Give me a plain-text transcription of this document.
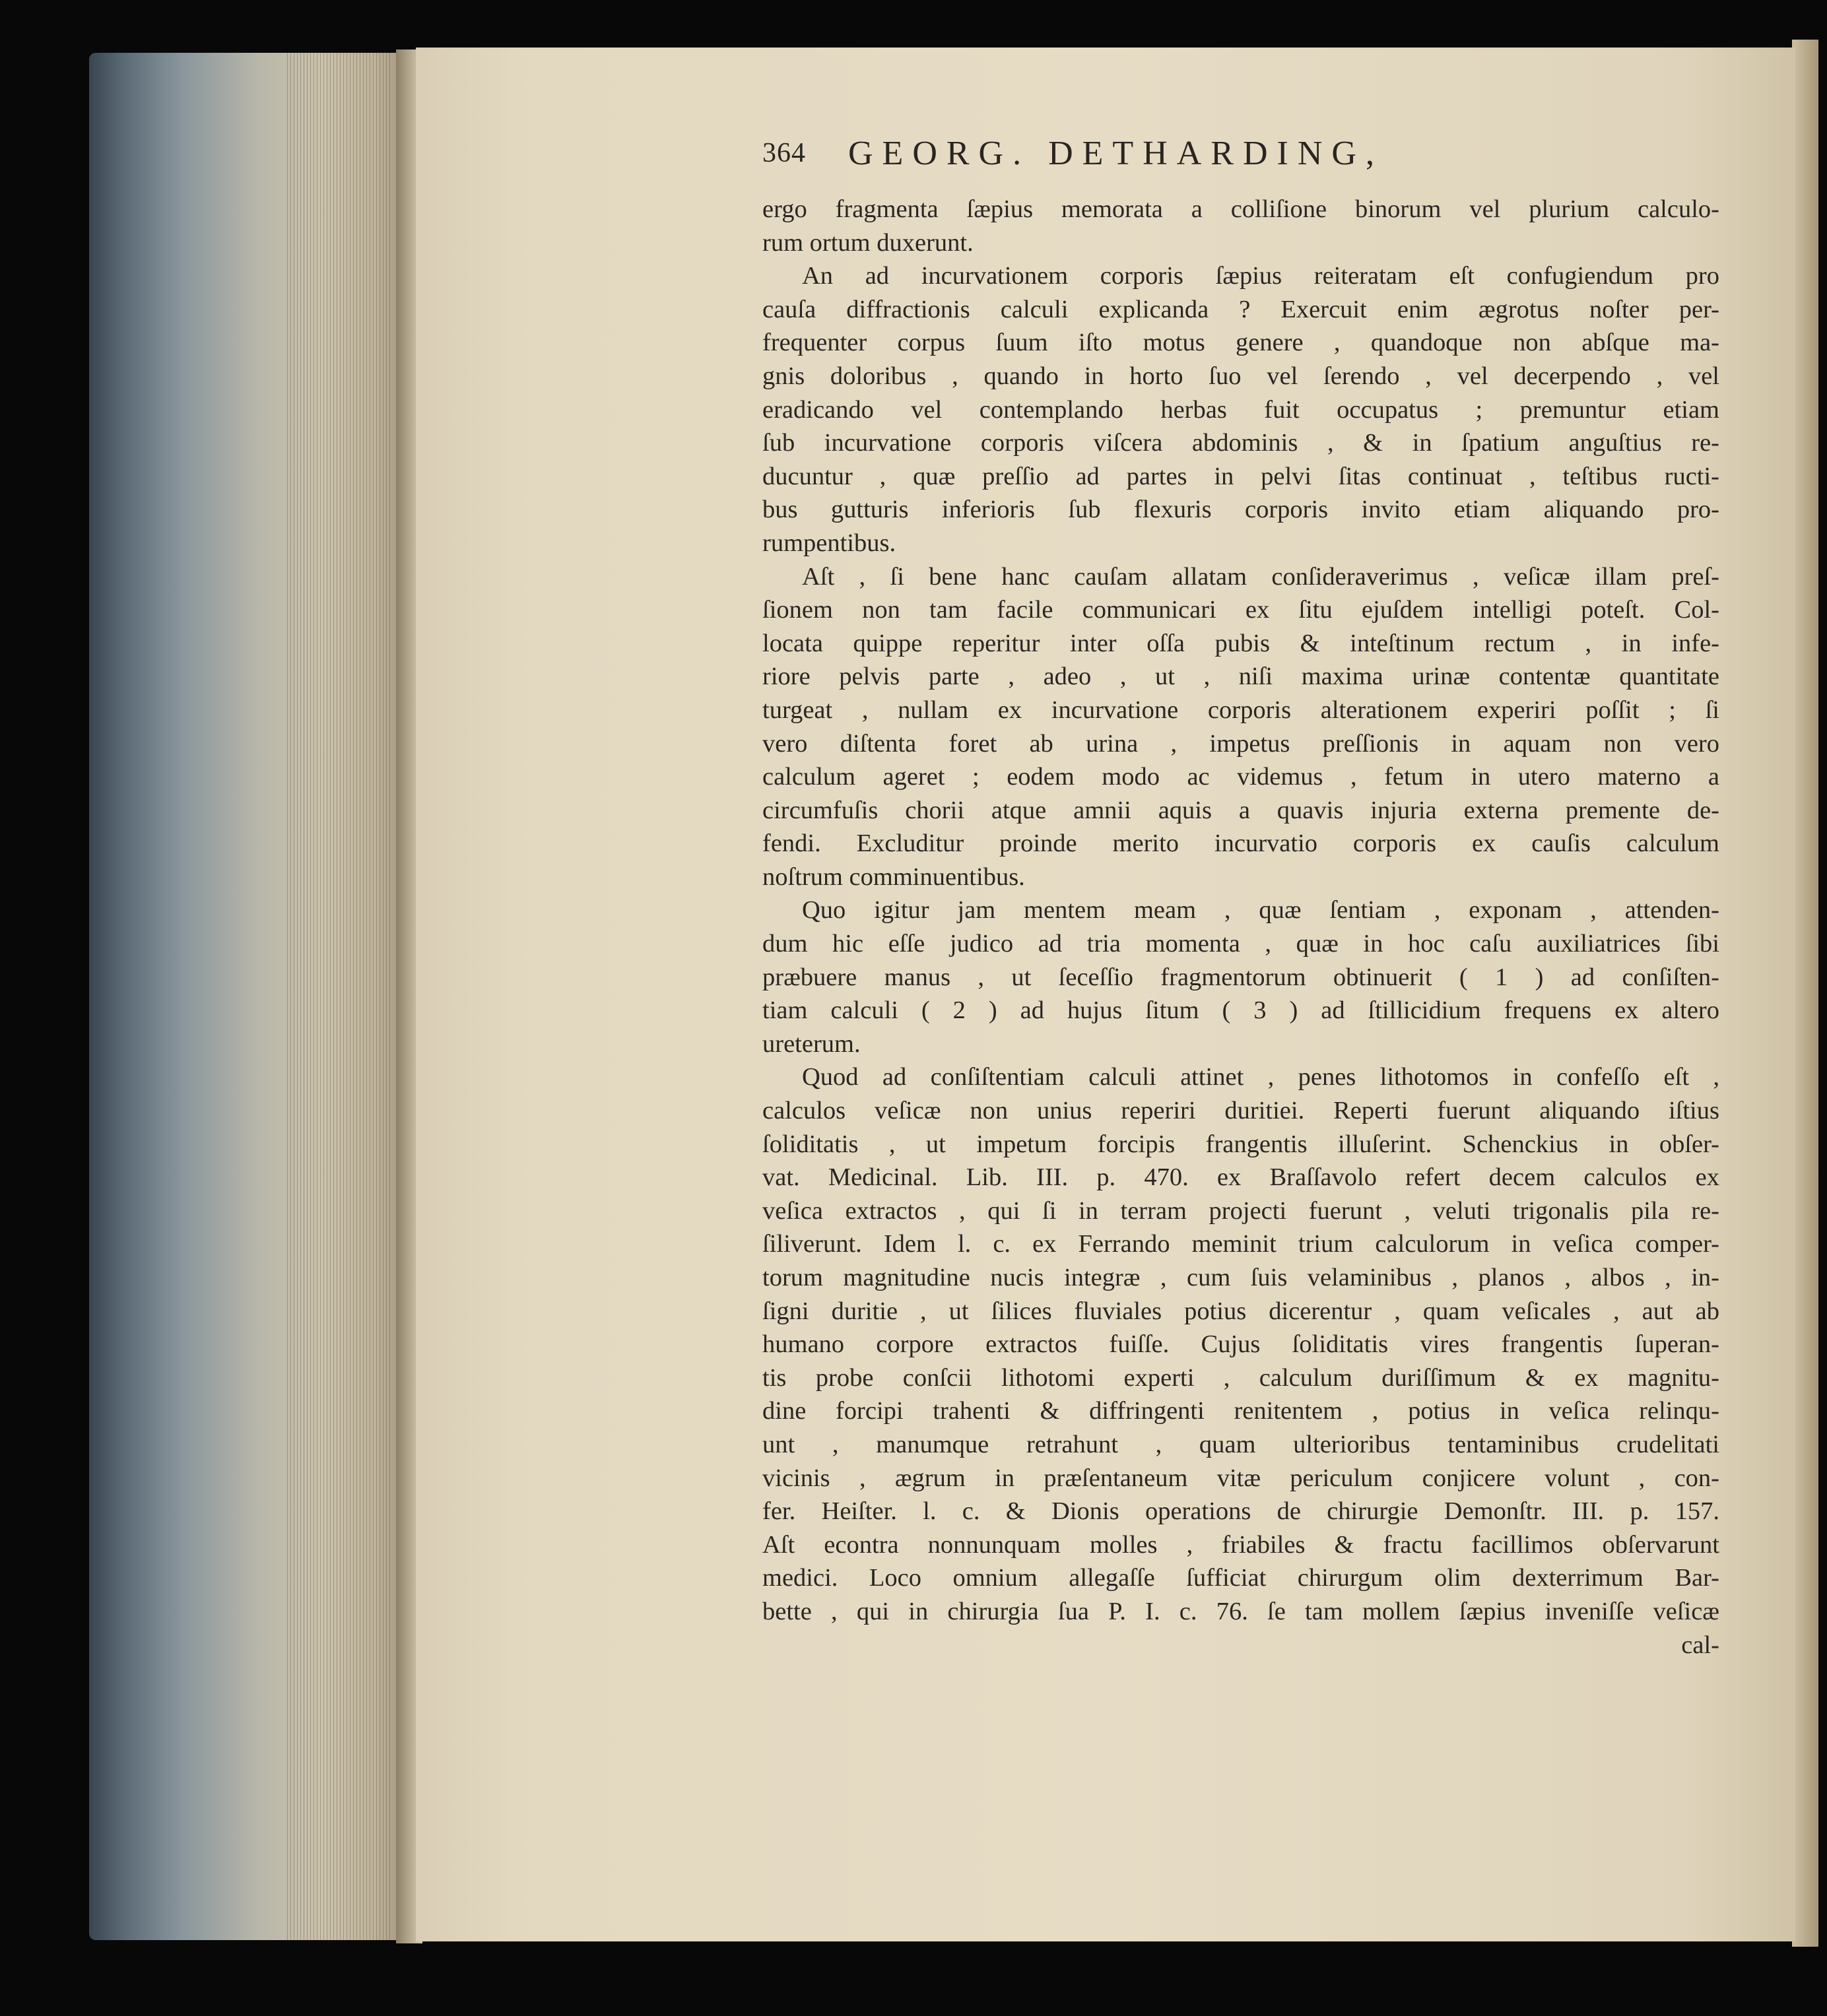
364 GEORG. DETHARDING,
ergo fragmenta ſæpius memorata a colliſione binorum vel plurium calculo-
rum ortum duxerunt.
An ad incurvationem corporis ſæpius reiteratam eſt confugiendum pro
cauſa diffractionis calculi explicanda ? Exercuit enim ægrotus noſter per-
frequenter corpus ſuum iſto motus genere , quandoque non abſque ma-
gnis doloribus , quando in horto ſuo vel ſerendo , vel decerpendo , vel
eradicando vel contemplando herbas fuit occupatus ; premuntur etiam
ſub incurvatione corporis viſcera abdominis , & in ſpatium anguſtius re-
ducuntur , quæ preſſio ad partes in pelvi ſitas continuat , teſtibus ructi-
bus gutturis inferioris ſub flexuris corporis invito etiam aliquando pro-
rumpentibus.
Aſt , ſi bene hanc cauſam allatam conſideraverimus , veſicæ illam preſ-
ſionem non tam facile communicari ex ſitu ejuſdem intelligi poteſt. Col-
locata quippe reperitur inter oſſa pubis & inteſtinum rectum , in infe-
riore pelvis parte , adeo , ut , niſi maxima urinæ contentæ quantitate
turgeat , nullam ex incurvatione corporis alterationem experiri poſſit ; ſi
vero diſtenta foret ab urina , impetus preſſionis in aquam non vero
calculum ageret ; eodem modo ac videmus , fetum in utero materno a
circumfuſis chorii atque amnii aquis a quavis injuria externa premente de-
fendi. Excluditur proinde merito incurvatio corporis ex cauſis calculum
noſtrum comminuentibus.
Quo igitur jam mentem meam , quæ ſentiam , exponam , attenden-
dum hic eſſe judico ad tria momenta , quæ in hoc caſu auxiliatrices ſibi
præbuere manus , ut ſeceſſio fragmentorum obtinuerit ( 1 ) ad conſiſten-
tiam calculi ( 2 ) ad hujus ſitum ( 3 ) ad ſtillicidium frequens ex altero
ureterum.
Quod ad conſiſtentiam calculi attinet , penes lithotomos in confeſſo eſt ,
calculos veſicæ non unius reperiri duritiei. Reperti fuerunt aliquando iſtius
ſoliditatis , ut impetum forcipis frangentis illuſerint. Schenckius in obſer-
vat. Medicinal. Lib. III. p. 470. ex Braſſavolo refert decem calculos ex
veſica extractos , qui ſi in terram projecti fuerunt , veluti trigonalis pila re-
ſiliverunt. Idem l. c. ex Ferrando meminit trium calculorum in veſica comper-
torum magnitudine nucis integræ , cum ſuis velaminibus , planos , albos , in-
ſigni duritie , ut ſilices fluviales potius dicerentur , quam veſicales , aut ab
humano corpore extractos fuiſſe. Cujus ſoliditatis vires frangentis ſuperan-
tis probe conſcii lithotomi experti , calculum duriſſimum & ex magnitu-
dine forcipi trahenti & diffringenti renitentem , potius in veſica relinqu-
unt , manumque retrahunt , quam ulterioribus tentaminibus crudelitati
vicinis , ægrum in præſentaneum vitæ periculum conjicere volunt , con-
fer. Heiſter. l. c. & Dionis operations de chirurgie Demonſtr. III. p. 157.
Aſt econtra nonnunquam molles , friabiles & fractu facillimos obſervarunt
medici. Loco omnium allegaſſe ſufficiat chirurgum olim dexterrimum Bar-
bette , qui in chirurgia ſua P. I. c. 76. ſe tam mollem ſæpius inveniſſe veſicæ
cal-
